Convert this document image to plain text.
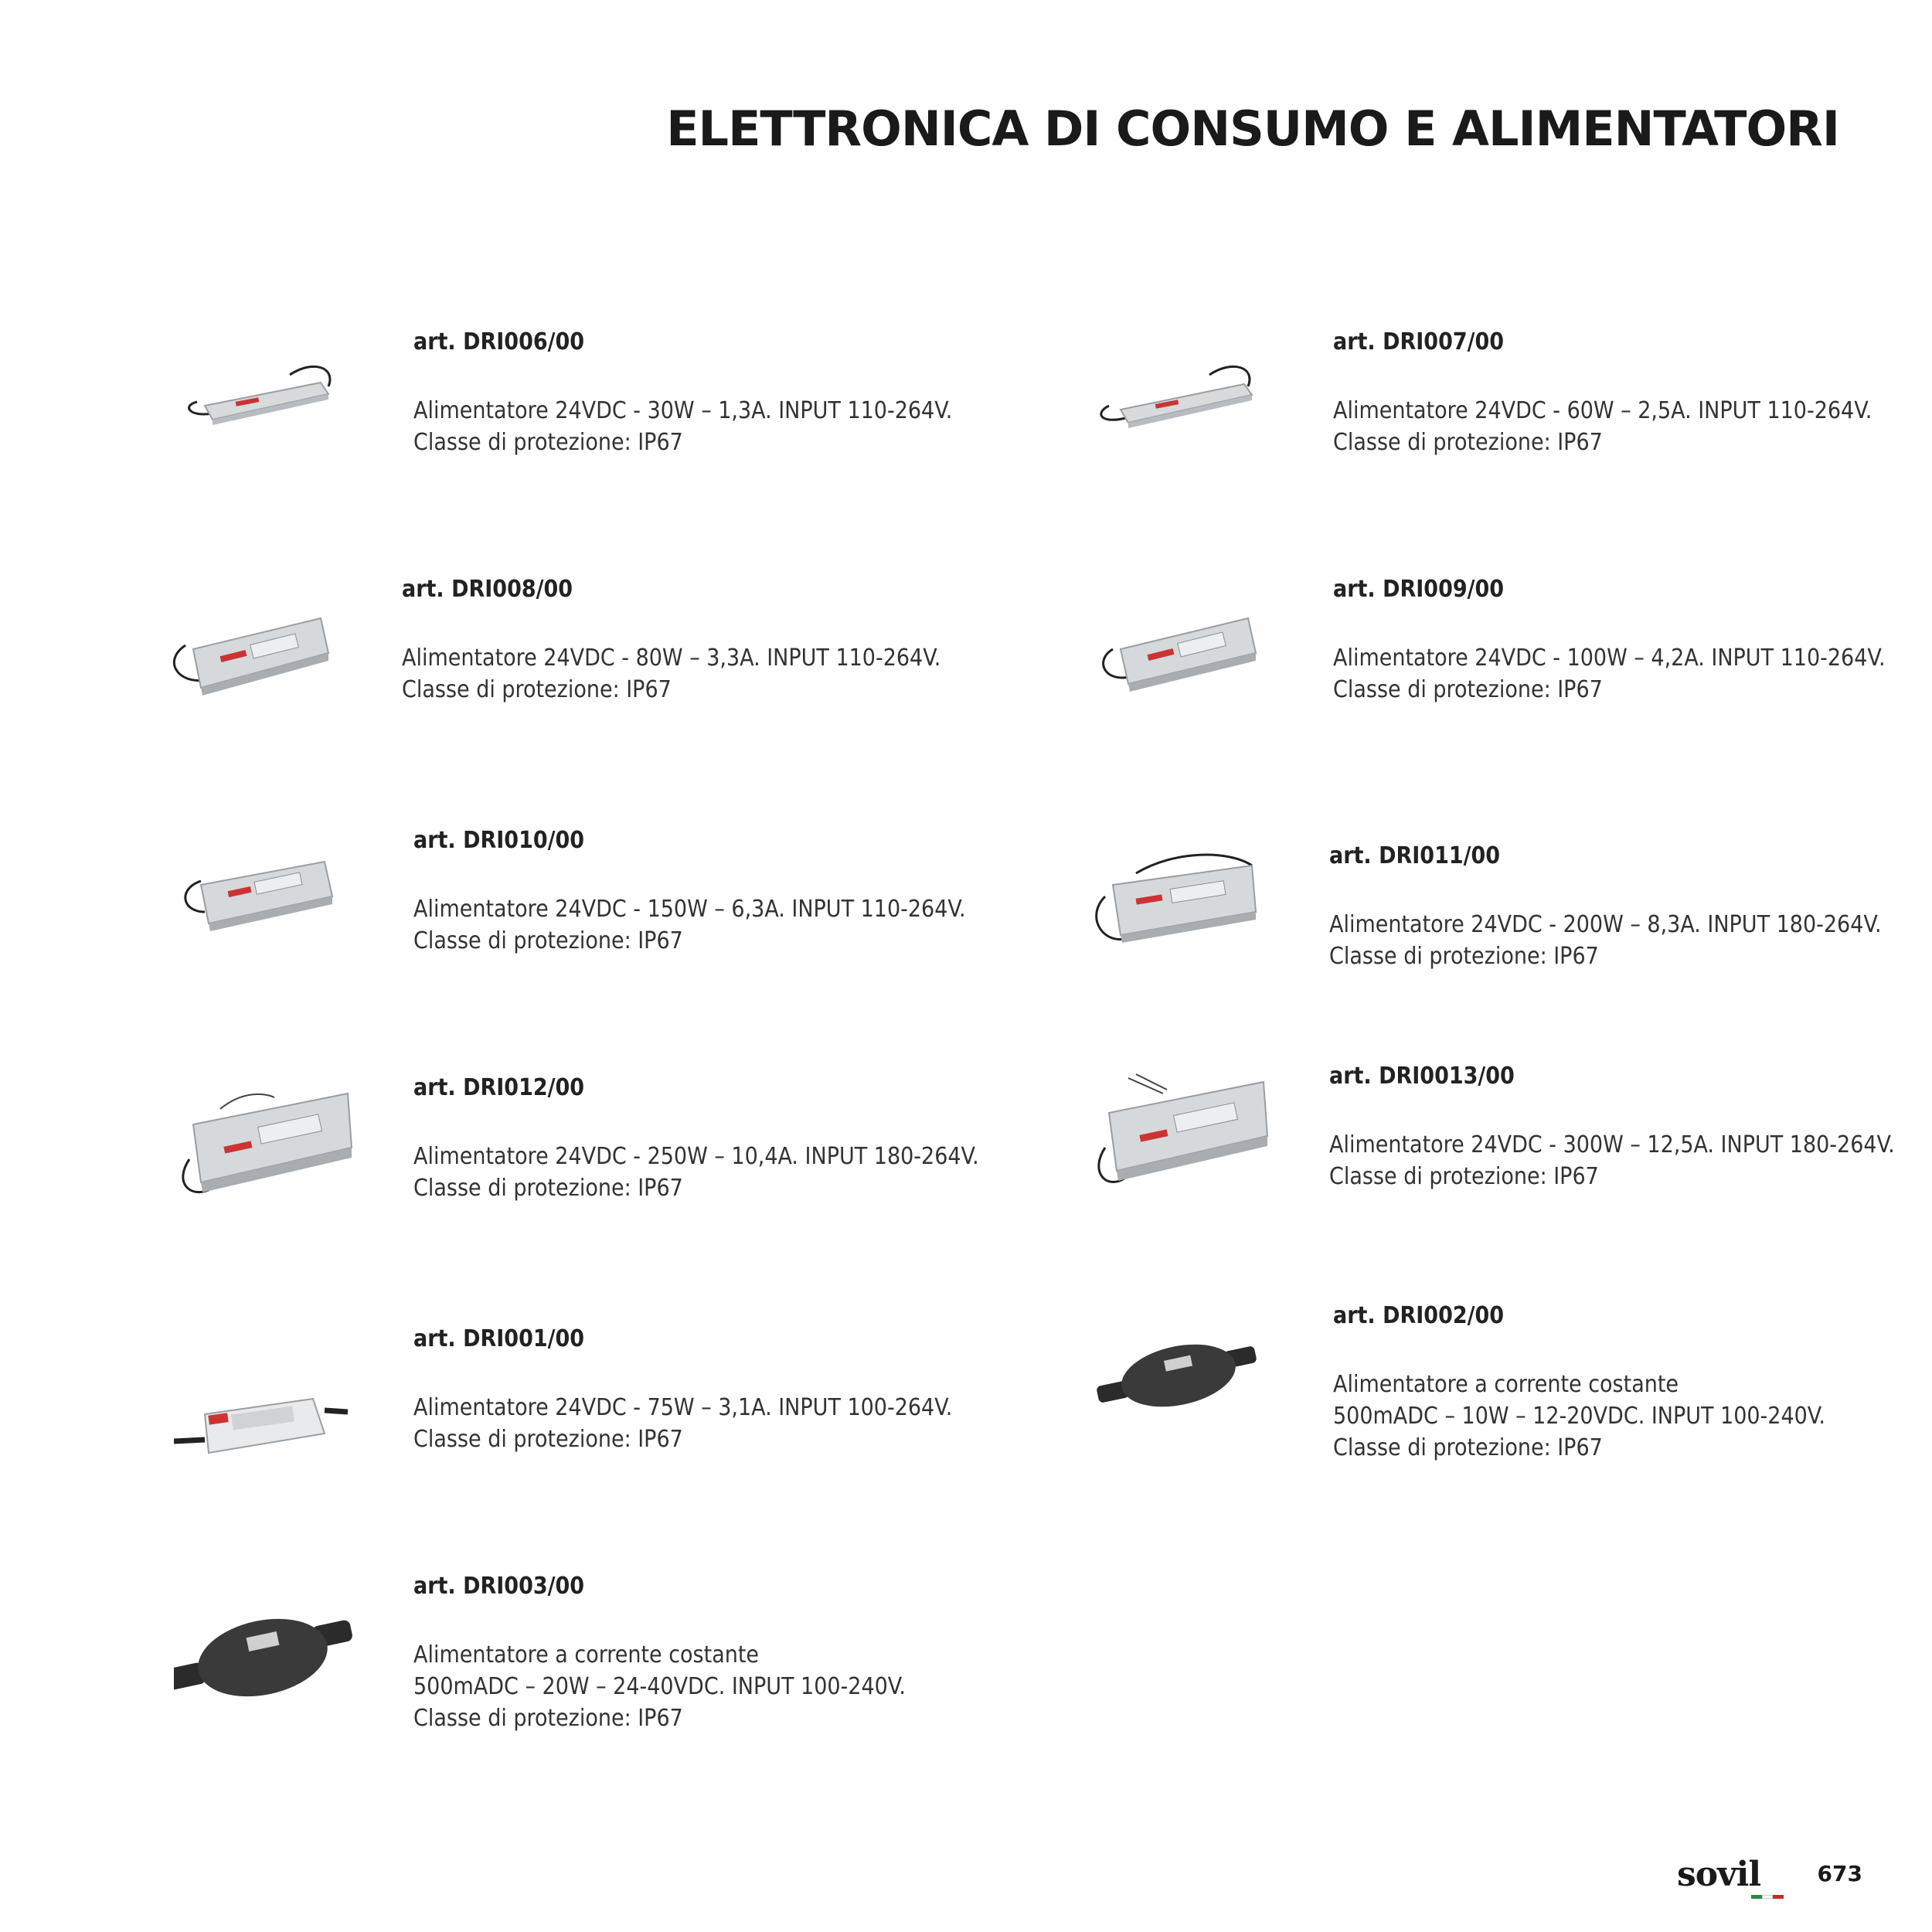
ELETTRONICA DI CONSUMO E ALIMENTATORI
art. DRI006/00
Alimentatore 24VDC - 30W – 1,3A. INPUT 110-264V.
Classe di protezione: IP67
art. DRI007/00
Alimentatore 24VDC - 60W – 2,5A. INPUT 110-264V.
Classe di protezione: IP67
art. DRI008/00
Alimentatore 24VDC - 80W – 3,3A. INPUT 110-264V.
Classe di protezione: IP67
art. DRI009/00
Alimentatore 24VDC - 100W – 4,2A. INPUT 110-264V.
Classe di protezione: IP67
art. DRI010/00
Alimentatore 24VDC - 150W – 6,3A. INPUT 110-264V.
Classe di protezione: IP67
art. DRI011/00
Alimentatore 24VDC - 200W – 8,3A. INPUT 180-264V.
Classe di protezione: IP67
art. DRI012/00
Alimentatore 24VDC - 250W – 10,4A. INPUT 180-264V.
Classe di protezione: IP67
art. DRI0013/00
Alimentatore 24VDC - 300W – 12,5A. INPUT 180-264V.
Classe di protezione: IP67
art. DRI001/00
Alimentatore 24VDC - 75W – 3,1A. INPUT 100-264V.
Classe di protezione: IP67
art. DRI002/00
Alimentatore a corrente costante
500mADC – 10W – 12-20VDC. INPUT 100-240V.
Classe di protezione: IP67
art. DRI003/00
Alimentatore a corrente costante
500mADC – 20W – 24-40VDC. INPUT 100-240V.
Classe di protezione: IP67
sovil	673
